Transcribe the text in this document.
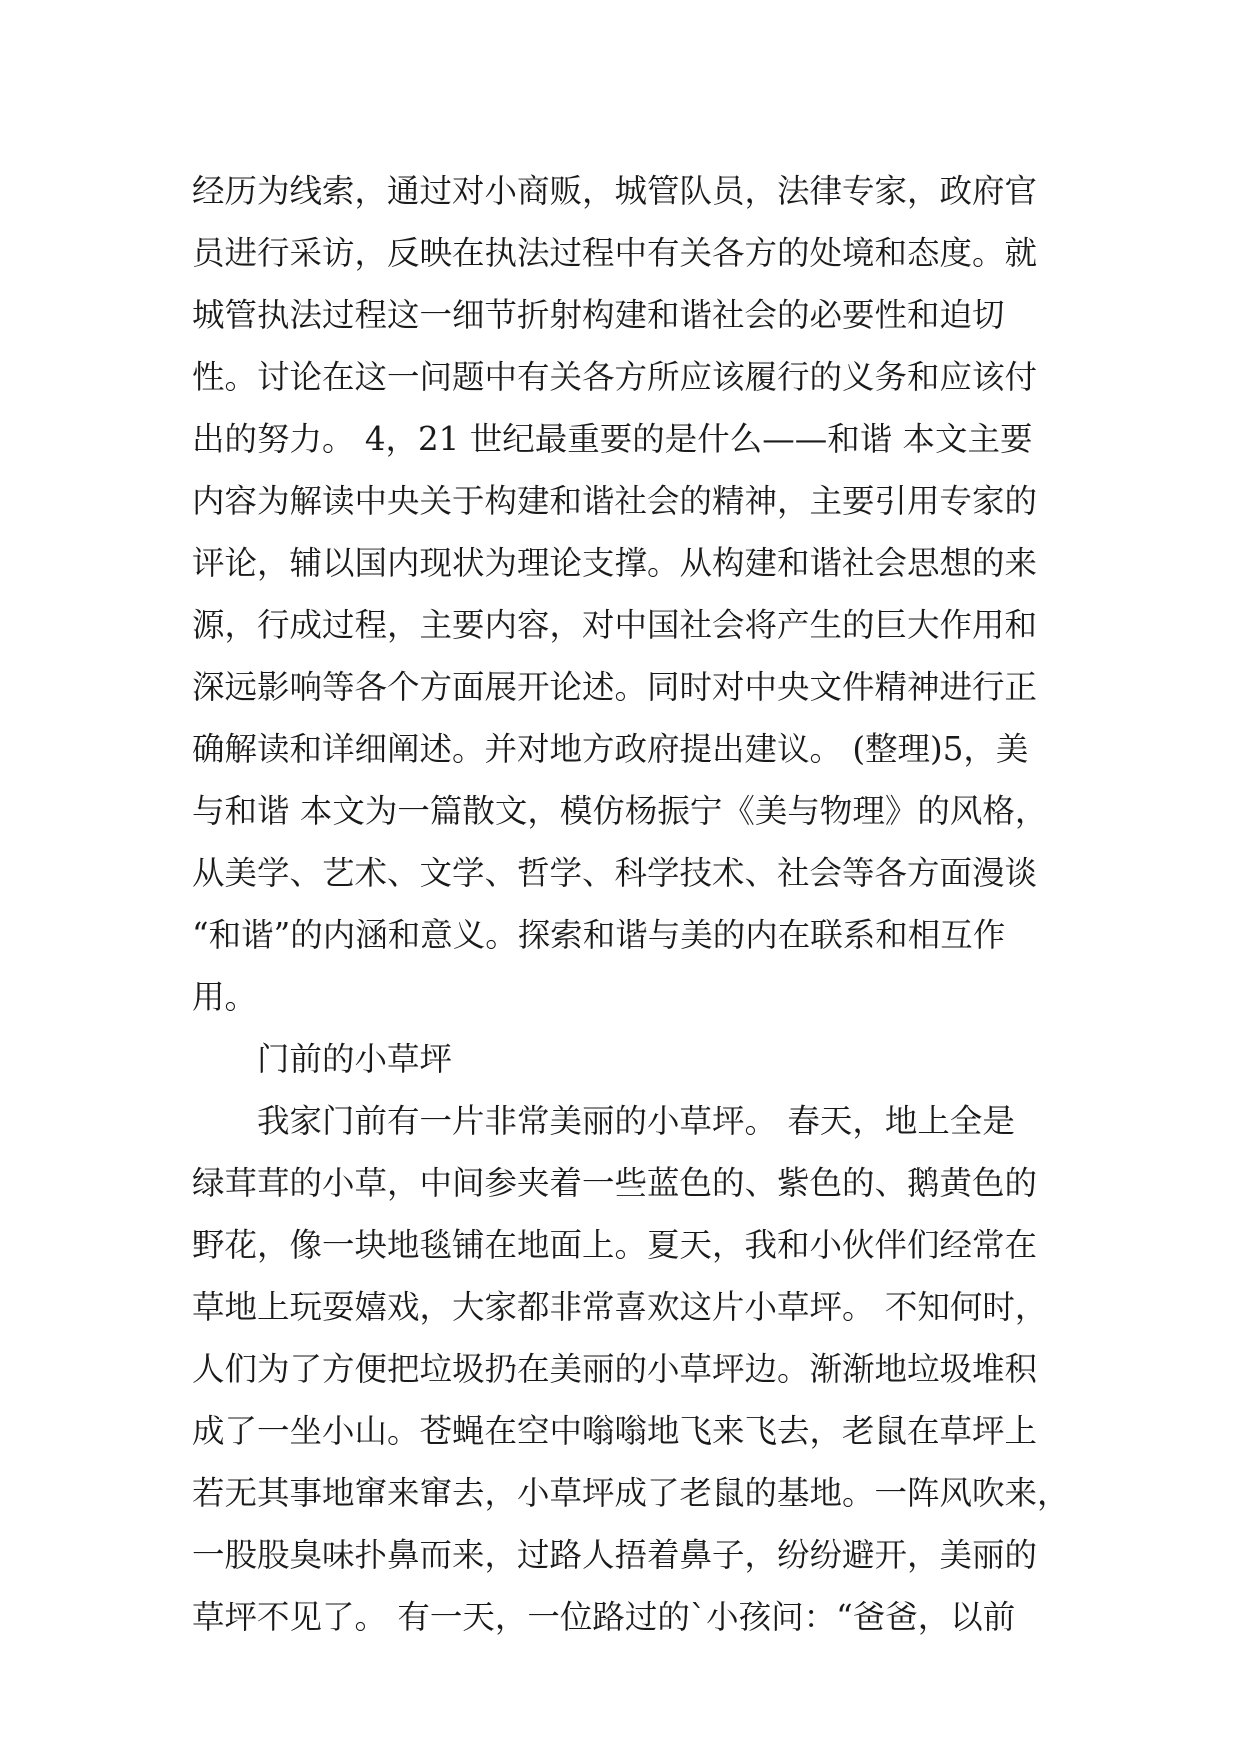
经历为线索，通过对小商贩，城管队员，法律专家，政府官
员进行采访，反映在执法过程中有关各方的处境和态度。就
城管执法过程这一细节折射构建和谐社会的必要性和迫切
性。讨论在这一问题中有关各方所应该履行的义务和应该付
出的努力。 4，21 世纪最重要的是什么——和谐 本文主要
内容为解读中央关于构建和谐社会的精神，主要引用专家的
评论，辅以国内现状为理论支撑。从构建和谐社会思想的来
源，行成过程，主要内容，对中国社会将产生的巨大作用和
深远影响等各个方面展开论述。同时对中央文件精神进行正
确解读和详细阐述。并对地方政府提出建议。 (整理)5，美
与和谐 本文为一篇散文，模仿杨振宁《美与物理》的风格，
从美学、艺术、文学、哲学、科学技术、社会等各方面漫谈
“和谐”的内涵和意义。探索和谐与美的内在联系和相互作
用。
门前的小草坪
我家门前有一片非常美丽的小草坪。 春天，地上全是
绿茸茸的小草，中间参夹着一些蓝色的、紫色的、鹅黄色的
野花，像一块地毯铺在地面上。夏天，我和小伙伴们经常在
草地上玩耍嬉戏，大家都非常喜欢这片小草坪。 不知何时，
人们为了方便把垃圾扔在美丽的小草坪边。渐渐地垃圾堆积
成了一坐小山。苍蝇在空中嗡嗡地飞来飞去，老鼠在草坪上
若无其事地窜来窜去，小草坪成了老鼠的基地。一阵风吹来，
一股股臭味扑鼻而来，过路人捂着鼻子，纷纷避开，美丽的
草坪不见了。 有一天，一位路过的`小孩问：“爸爸，以前
